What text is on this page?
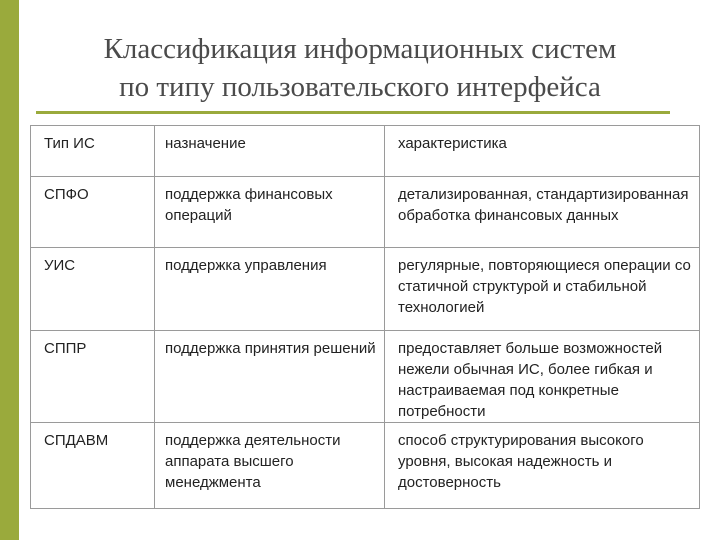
Классификация информационных систем
по типу пользовательского интерфейса
Тип ИС	назначение	характеристика
СПФО	поддержка финансовых операций	детализированная, стандартизированная обработка финансовых данных
УИС	поддержка управления	регулярные, повторяющиеся операции со статичной структурой и стабильной технологией
СППР	поддержка принятия решений	предоставляет больше возможностей нежели обычная ИС, более гибкая и настраиваемая под конкретные потребности
СПДАВМ	поддержка деятельности аппарата высшего менеджмента	способ структурирования высокого уровня, высокая надежность и достоверность
